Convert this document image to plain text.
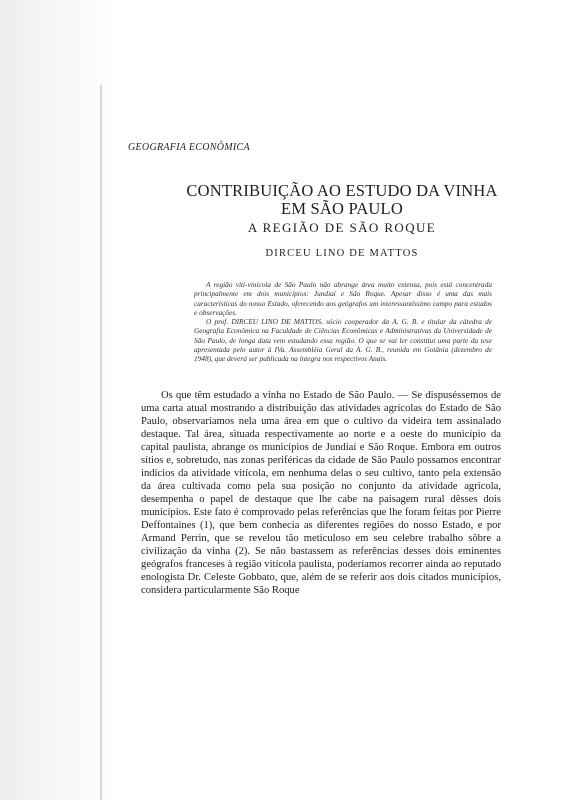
GEOGRAFIA ECONÔMICA
CONTRIBUIÇÃO AO ESTUDO DA VINHA
EM SÃO PAULO
A REGIÃO DE SÃO ROQUE
DIRCEU LINO DE MATTOS

A região viti-vinícola de São Paulo não abrange área muito extensa, pois está concentrada principalmente em dois municípios: Jundiaí e São Roque. Apesar disso é uma das mais características do nosso Estado, oferecendo aos geógrafos um interessantíssimo campo para estudos e observações.

O prof. DIRCEU LINO DE MATTOS, sócio cooperador da A. G. B. e titular da cátedra de Geografia Econômica na Faculdade de Ciências Econômicas e Administrativas da Universidade de São Paulo, de longa data vem estudando essa região. O que se vai ler constitui uma parte da tese apresentada pelo autor à IVa. Assembléia Geral da A. G. B., reunida em Goiânia (dezembro de 1948), que deverá ser publicada na íntegra nos respectivos Anais.

Os que têm estudado a vinha no Estado de São Paulo. — Se dispuséssemos de uma carta atual mostrando a distribuição das atividades agrícolas do Estado de São Paulo, observaríamos nela uma área em que o cultivo da videira tem assinalado destaque. Tal área, situada respectivamente ao norte e a oeste do município da capital paulista, abrange os municípios de Jundiaí e São Roque. Embora em outros sítios e, sobretudo, nas zonas periféricas da cidade de São Paulo possamos encontrar indícios da atividade vitícola, em nenhuma delas o seu cultivo, tanto pela extensão da área cultivada como pela sua posição no conjunto da atividade agrícola, desempenha o papel de destaque que lhe cabe na paisagem rural dêsses dois municípios. Este fato é comprovado pelas referências que lhe foram feitas por Pierre Deffontaines (1), que bem conhecia as diferentes regiões do nosso Estado, e por Armand Perrin, que se revelou tão meticuloso em seu celebre trabalho sôbre a civilização da vinha (2). Se não bastassem as referências desses dois eminentes geógrafos franceses à região vitícola paulista, poderíamos recorrer ainda ao reputado enologista Dr. Celeste Gobbato, que, além de se referir aos dois citados municípios, considera particularmente São Roque
